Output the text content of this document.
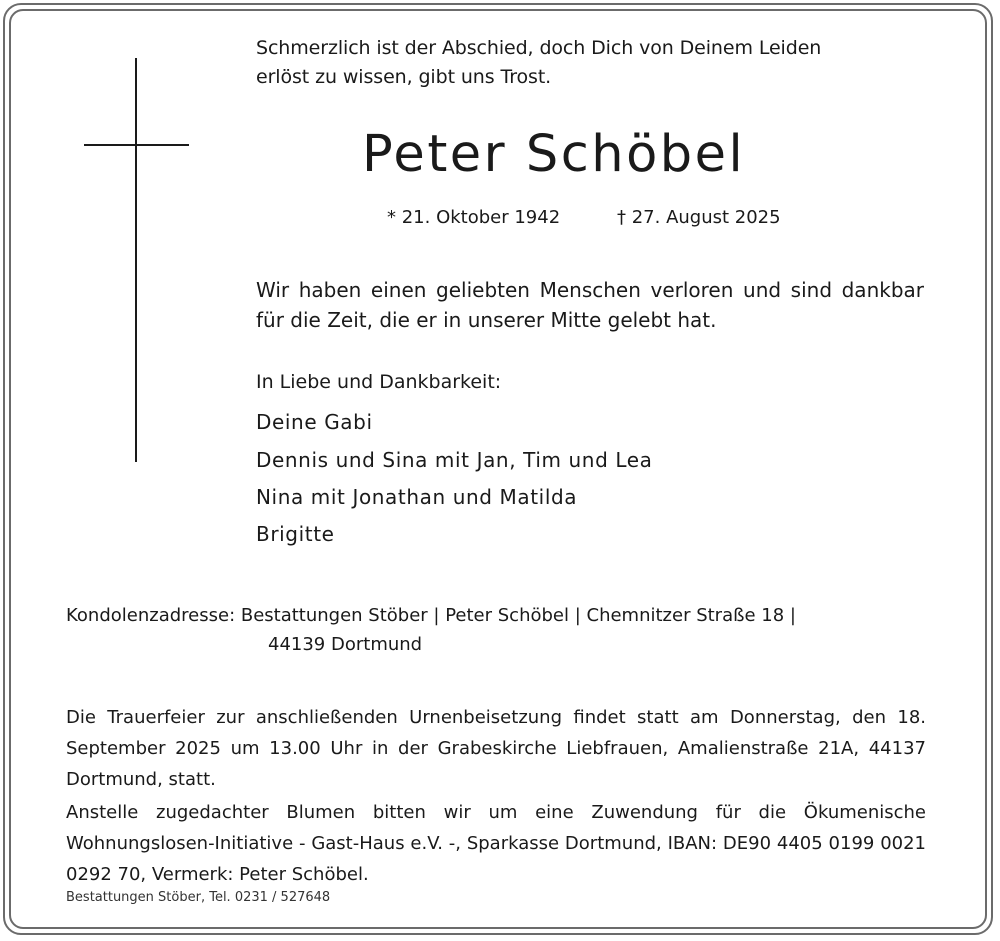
Schmerzlich ist der Abschied, doch Dich von Deinem Leiden
erlöst zu wissen, gibt uns Trost.
Peter Schöbel
* 21. Oktober 1942	† 27. August 2025
Wir haben einen geliebten Menschen verloren und sind dankbar für die Zeit, die er in unserer Mitte gelebt hat.
In Liebe und Dankbarkeit:
Deine Gabi
Dennis und Sina mit Jan, Tim und Lea
Nina mit Jonathan und Matilda
Brigitte
Kondolenzadresse: Bestattungen Stöber | Peter Schöbel | Chemnitzer Straße 18 |
44139 Dortmund
Die Trauerfeier zur anschließenden Urnenbeisetzung findet statt am Donnerstag, den 18. September 2025 um 13.00 Uhr in der Grabeskirche Liebfrauen, Amalienstraße 21A, 44137 Dortmund, statt.
Anstelle zugedachter Blumen bitten wir um eine Zuwendung für die Ökumenische Wohnungslosen-Initiative - Gast-Haus e.V. -, Sparkasse Dortmund, IBAN: DE90 4405 0199 0021 0292 70, Vermerk: Peter Schöbel.
Bestattungen Stöber, Tel. 0231 / 527648
